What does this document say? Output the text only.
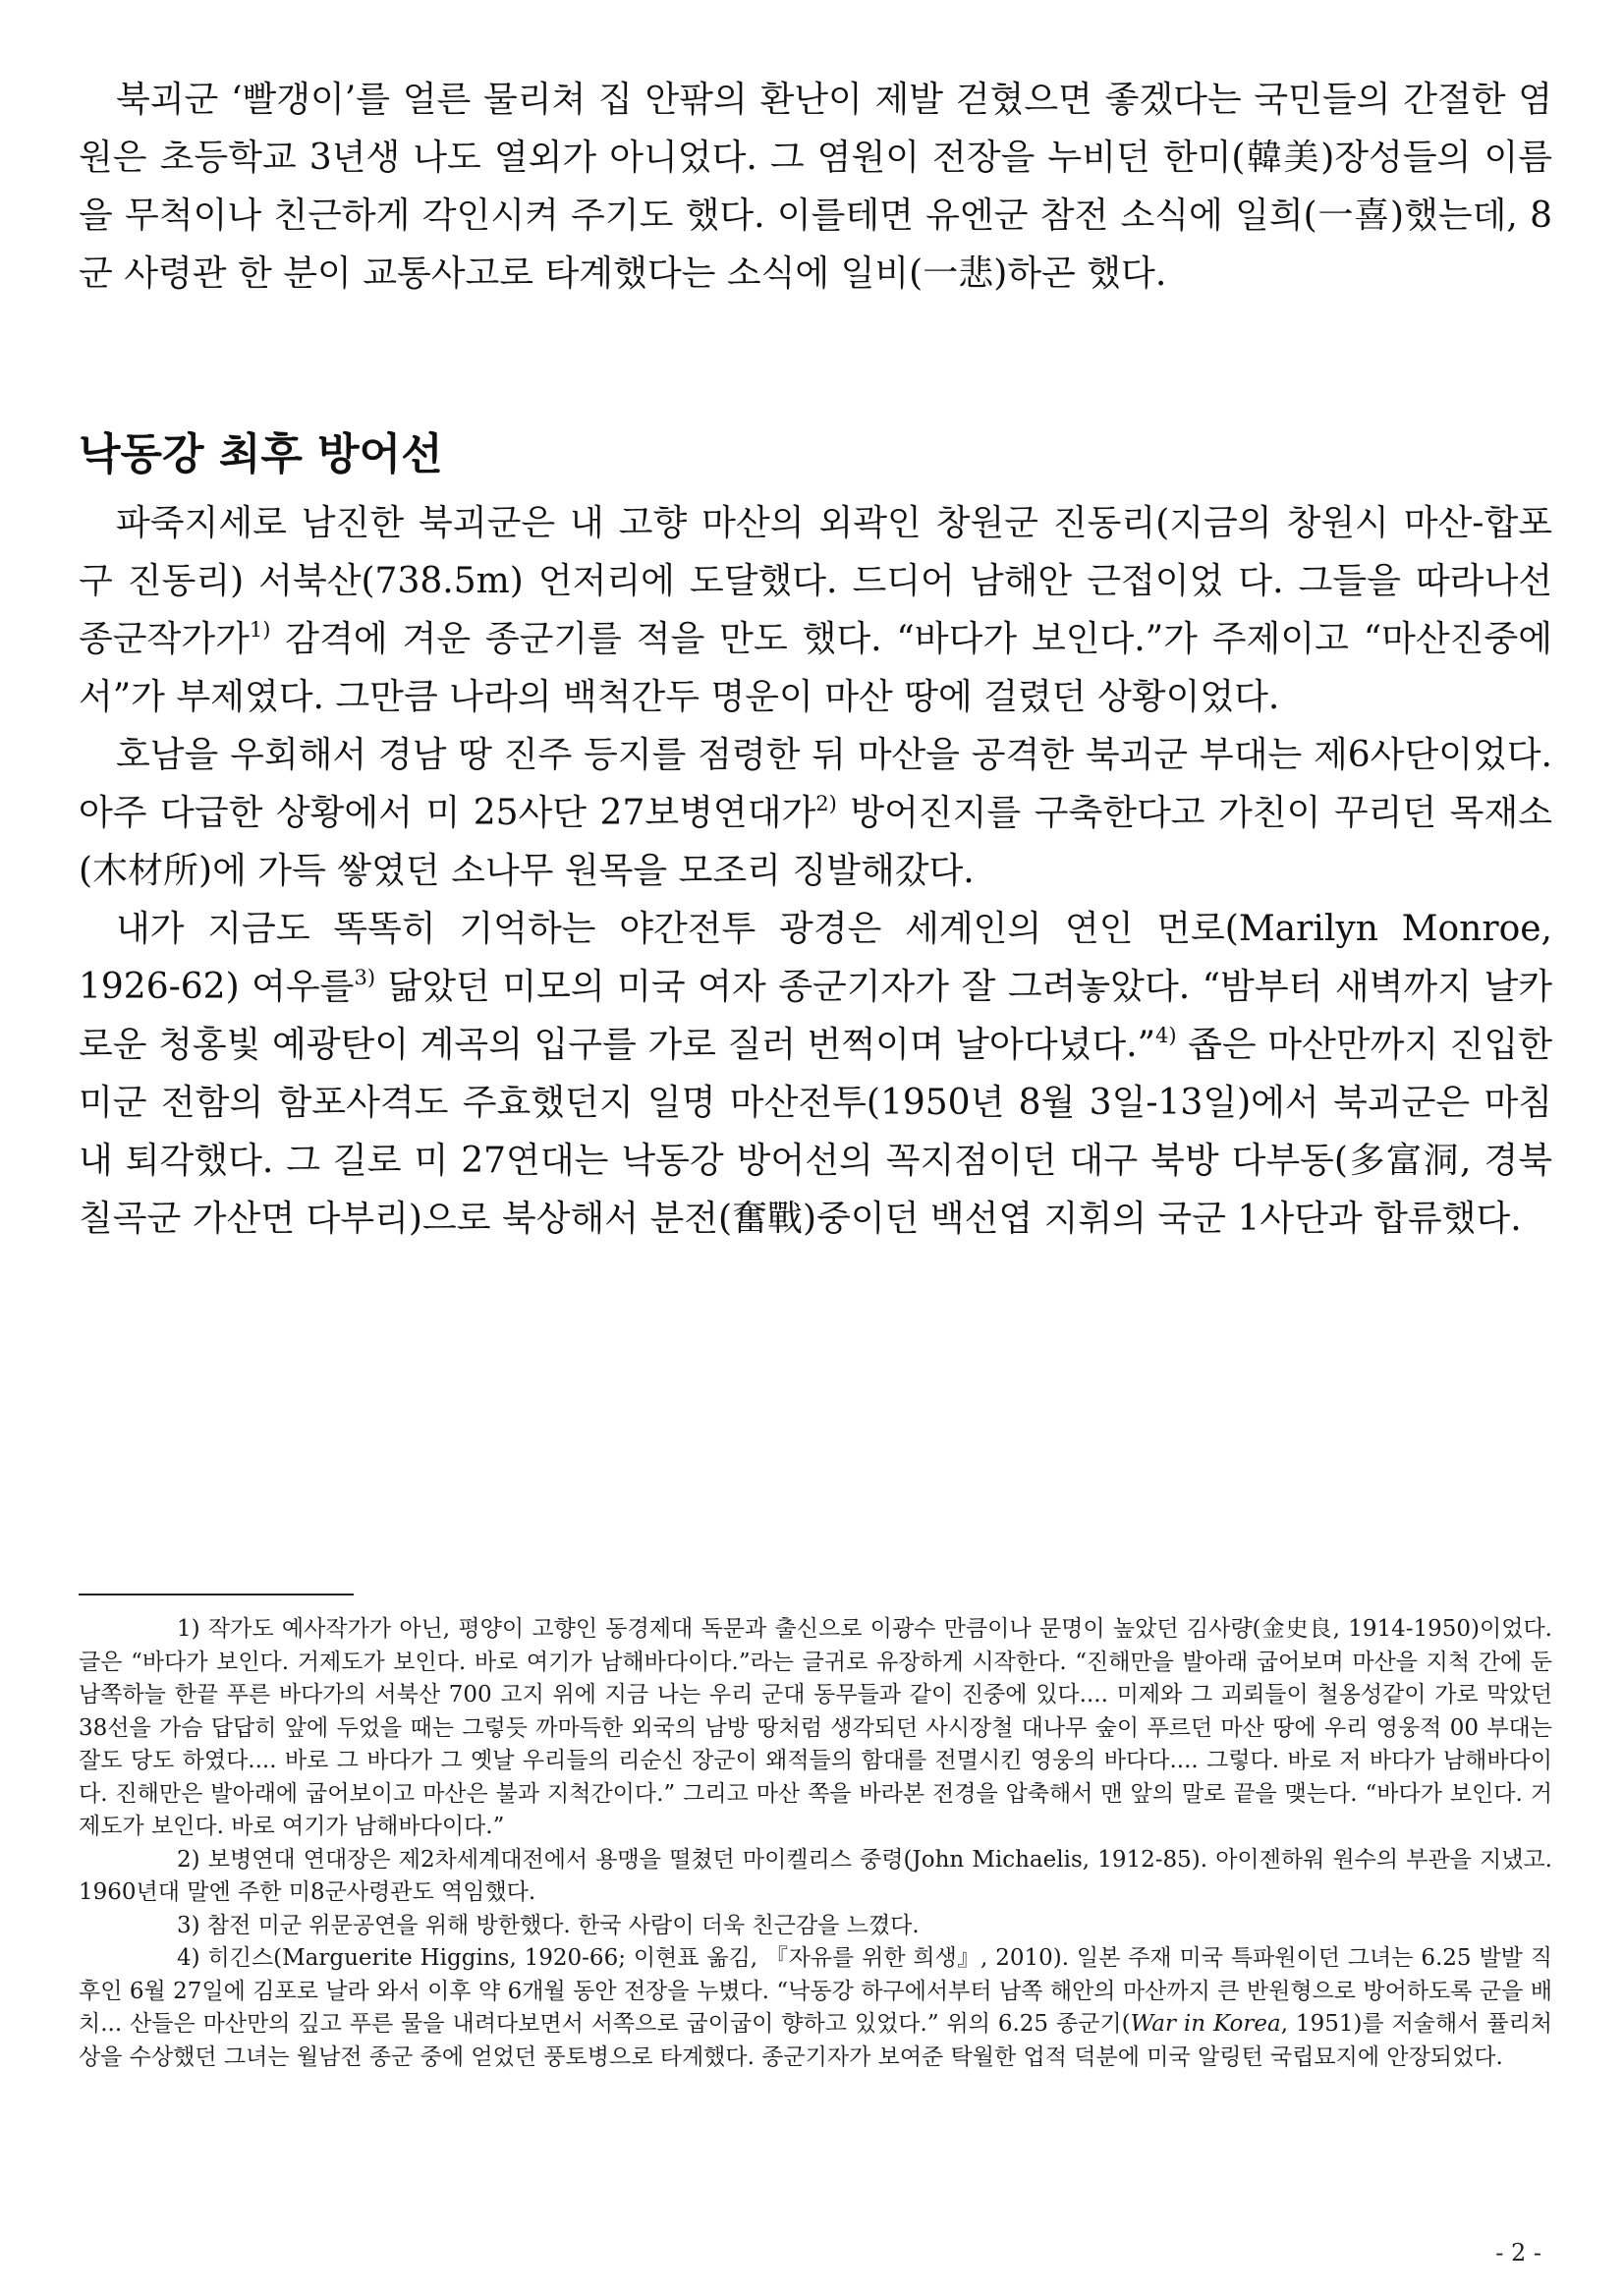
북괴군 ‘빨갱이’를 얼른 물리쳐 집 안팎의 환난이 제발 걷혔으면 좋겠다는 국민들의 간절한 염원은 초등학교 3년생 나도 열외가 아니었다. 그 염원이 전장을 누비던 한미(韓美)장성들의 이름을 무척이나 친근하게 각인시켜 주기도 했다. 이를테면 유엔군 참전 소식에 일희(一喜)했는데, 8군 사령관 한 분이 교통사고로 타계했다는 소식에 일비(一悲)하곤 했다.

낙동강 최후 방어선

파죽지세로 남진한 북괴군은 내 고향 마산의 외곽인 창원군 진동리(지금의 창원시 마산-합포구 진동리) 서북산(738.5m) 언저리에 도달했다. 드디어 남해안 근접이었 다. 그들을 따라나선 종군작가가$^{1)}$ 감격에 겨운 종군기를 적을 만도 했다. “바다가 보인다.”가 주제이고 “마산진중에서”가 부제였다. 그만큼 나라의 백척간두 명운이 마산 땅에 걸렸던 상황이었다.

호남을 우회해서 경남 땅 진주 등지를 점령한 뒤 마산을 공격한 북괴군 부대는 제6사단이었다. 아주 다급한 상황에서 미 25사단 27보병연대가$^{2)}$ 방어진지를 구축한다고 가친이 꾸리던 목재소(木材所)에 가득 쌓였던 소나무 원목을 모조리 징발해갔다.

내가 지금도 똑똑히 기억하는 야간전투 광경은 세계인의 연인 먼로(Marilyn Monroe, 1926-62) 여우를$^{3)}$ 닮았던 미모의 미국 여자 종군기자가 잘 그려놓았다. “밤부터 새벽까지 날카로운 청홍빛 예광탄이 계곡의 입구를 가로 질러 번쩍이며 날아다녔다.”$^{4)}$ 좁은 마산만까지 진입한 미군 전함의 함포사격도 주효했던지 일명 마산전투(1950년 8월 3일-13일)에서 북괴군은 마침내 퇴각했다. 그 길로 미 27연대는 낙동강 방어선의 꼭지점이던 대구 북방 다부동(多富洞, 경북 칠곡군 가산면 다부리)으로 북상해서 분전(奮戰)중이던 백선엽 지휘의 국군 1사단과 합류했다.

1) 작가도 예사작가가 아닌, 평양이 고향인 동경제대 독문과 출신으로 이광수 만큼이나 문명이 높았던 김사량(金史良, 1914-1950)이었다. 글은 “바다가 보인다. 거제도가 보인다. 바로 여기가 남해바다이다.”라는 글귀로 유장하게 시작한다. “진해만을 발아래 굽어보며 마산을 지척 간에 둔 남쪽하늘 한끝 푸른 바다가의 서북산 700 고지 위에 지금 나는 우리 군대 동무들과 같이 진중에 있다.... 미제와 그 괴뢰들이 철옹성같이 가로 막았던 38선을 가슴 답답히 앞에 두었을 때는 그렇듯 까마득한 외국의 남방 땅처럼 생각되던 사시장철 대나무 숲이 푸르던 마산 땅에 우리 영웅적 00 부대는 잘도 당도 하였다.... 바로 그 바다가 그 옛날 우리들의 리순신 장군이 왜적들의 함대를 전멸시킨 영웅의 바다다.... 그렇다. 바로 저 바다가 남해바다이다. 진해만은 발아래에 굽어보이고 마산은 불과 지척간이다.” 그리고 마산 쪽을 바라본 전경을 압축해서 맨 앞의 말로 끝을 맺는다. “바다가 보인다. 거제도가 보인다. 바로 여기가 남해바다이다.”

2) 보병연대 연대장은 제2차세계대전에서 용맹을 떨쳤던 마이켈리스 중령(John Michaelis, 1912-85). 아이젠하워 원수의 부관을 지냈고. 1960년대 말엔 주한 미8군사령관도 역임했다.

3) 참전 미군 위문공연을 위해 방한했다. 한국 사람이 더욱 친근감을 느꼈다.

4) 히긴스(Marguerite Higgins, 1920-66; 이현표 옮김, 『자유를 위한 희생』, 2010). 일본 주재 미국 특파원이던 그녀는 6.25 발발 직후인 6월 27일에 김포로 날라 와서 이후 약 6개월 동안 전장을 누볐다. “낙동강 하구에서부터 남쪽 해안의 마산까지 큰 반원형으로 방어하도록 군을 배치... 산들은 마산만의 깊고 푸른 물을 내려다보면서 서쪽으로 굽이굽이 향하고 있었다.” 위의 6.25 종군기(War in Korea, 1951)를 저술해서 퓰리처상을 수상했던 그녀는 월남전 종군 중에 얻었던 풍토병으로 타계했다. 종군기자가 보여준 탁월한 업적 덕분에 미국 알링턴 국립묘지에 안장되었다.

- 2 -
